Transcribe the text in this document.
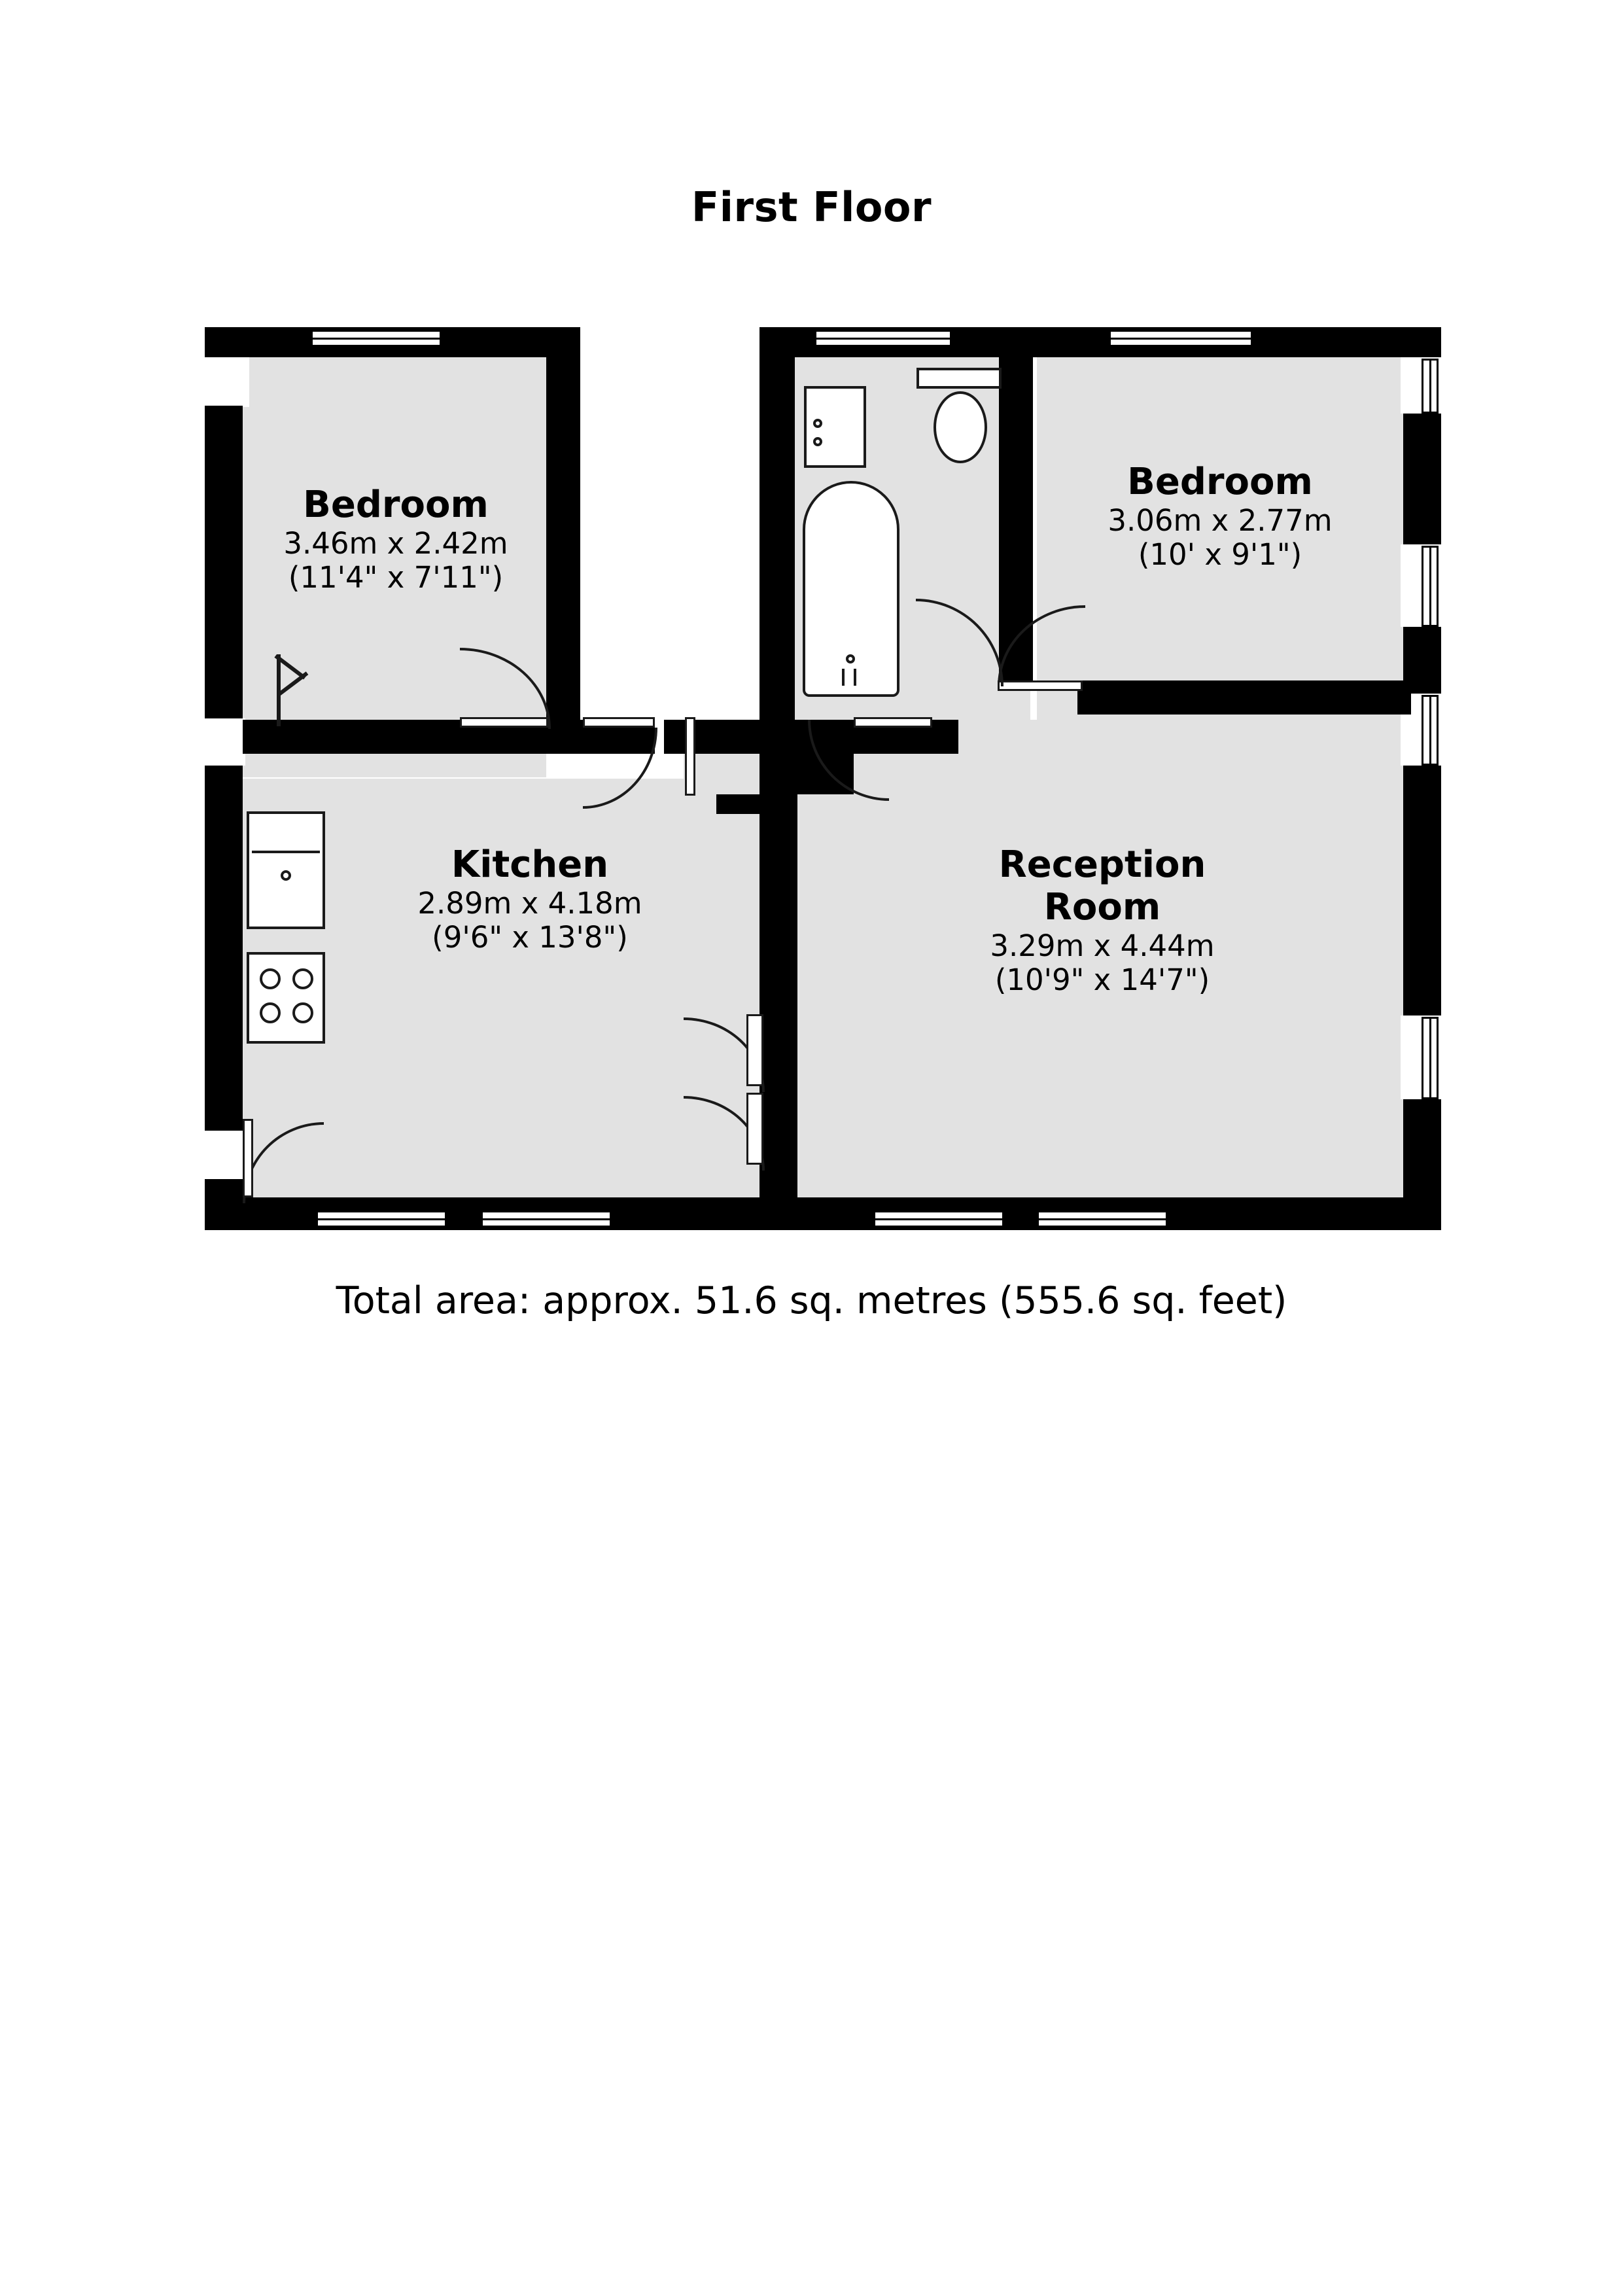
First Floor
Bedroom
3.46m x 2.42m
(11'4" x 7'11")
Bedroom
3.06m x 2.77m
(10' x 9'1")
Kitchen
2.89m x 4.18m
(9'6" x 13'8")
Reception
Room
3.29m x 4.44m
(10'9" x 14'7")
Total area: approx. 51.6 sq. metres (555.6 sq. feet)
